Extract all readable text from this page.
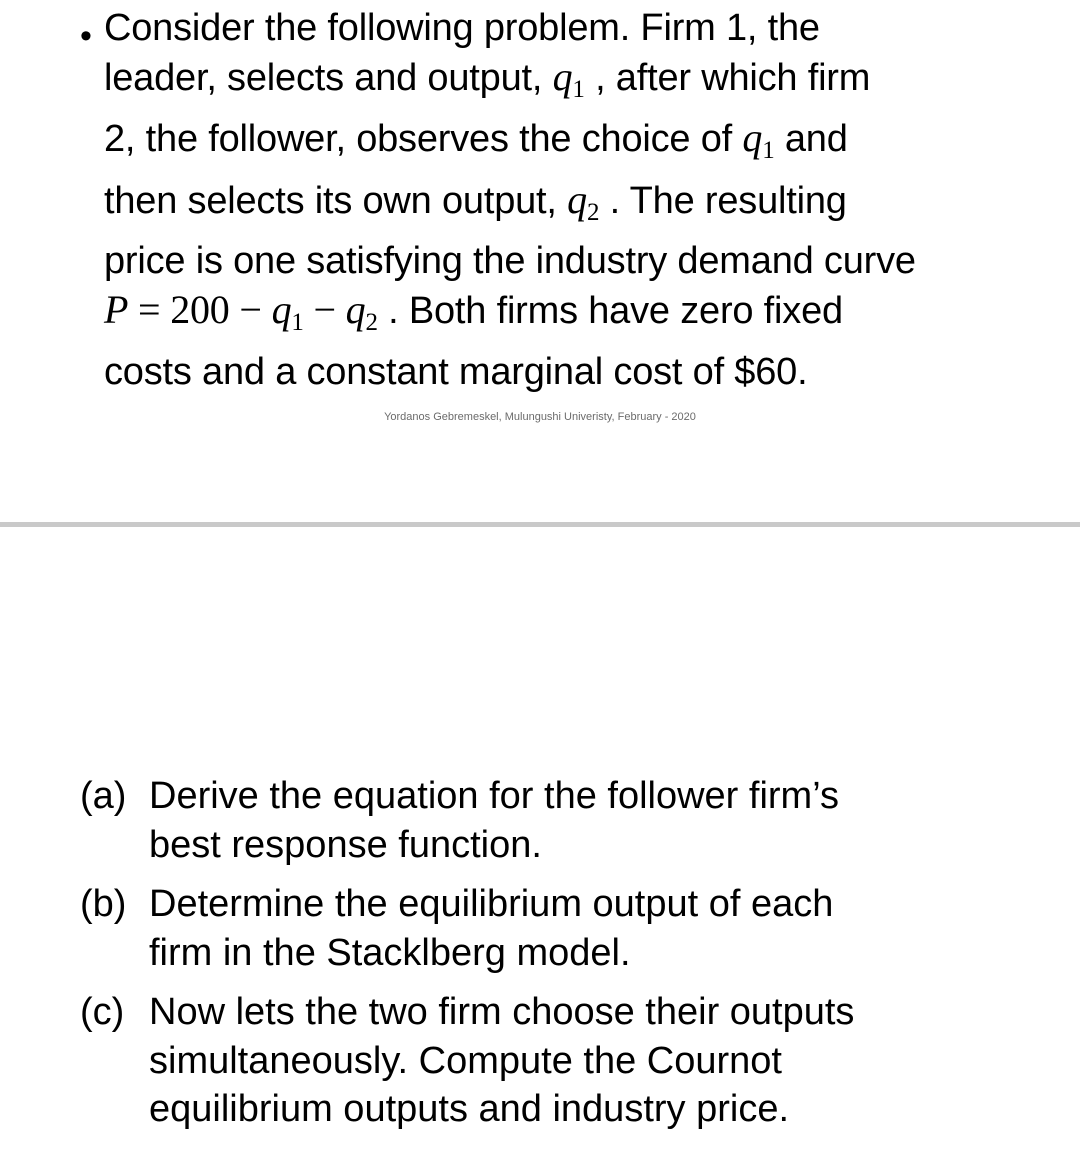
• Consider the following problem. Firm 1, the
leader, selects and output, $q_1$ , after which firm
2, the follower, observes the choice of $q_1$ and
then selects its own output, $q_2$ . The resulting
price is one satisfying the industry demand curve
$P = 200 - q_1 - q_2$ . Both firms have zero fixed
costs and a constant marginal cost of $60.
Yordanos Gebremeskel, Mulungushi Univeristy, February - 2020
(a) Derive the equation for the follower firm’s
best response function.
(b) Determine the equilibrium output of each
firm in the Stacklberg model.
(c) Now lets the two firm choose their outputs
simultaneously. Compute the Cournot
equilibrium outputs and industry price.
